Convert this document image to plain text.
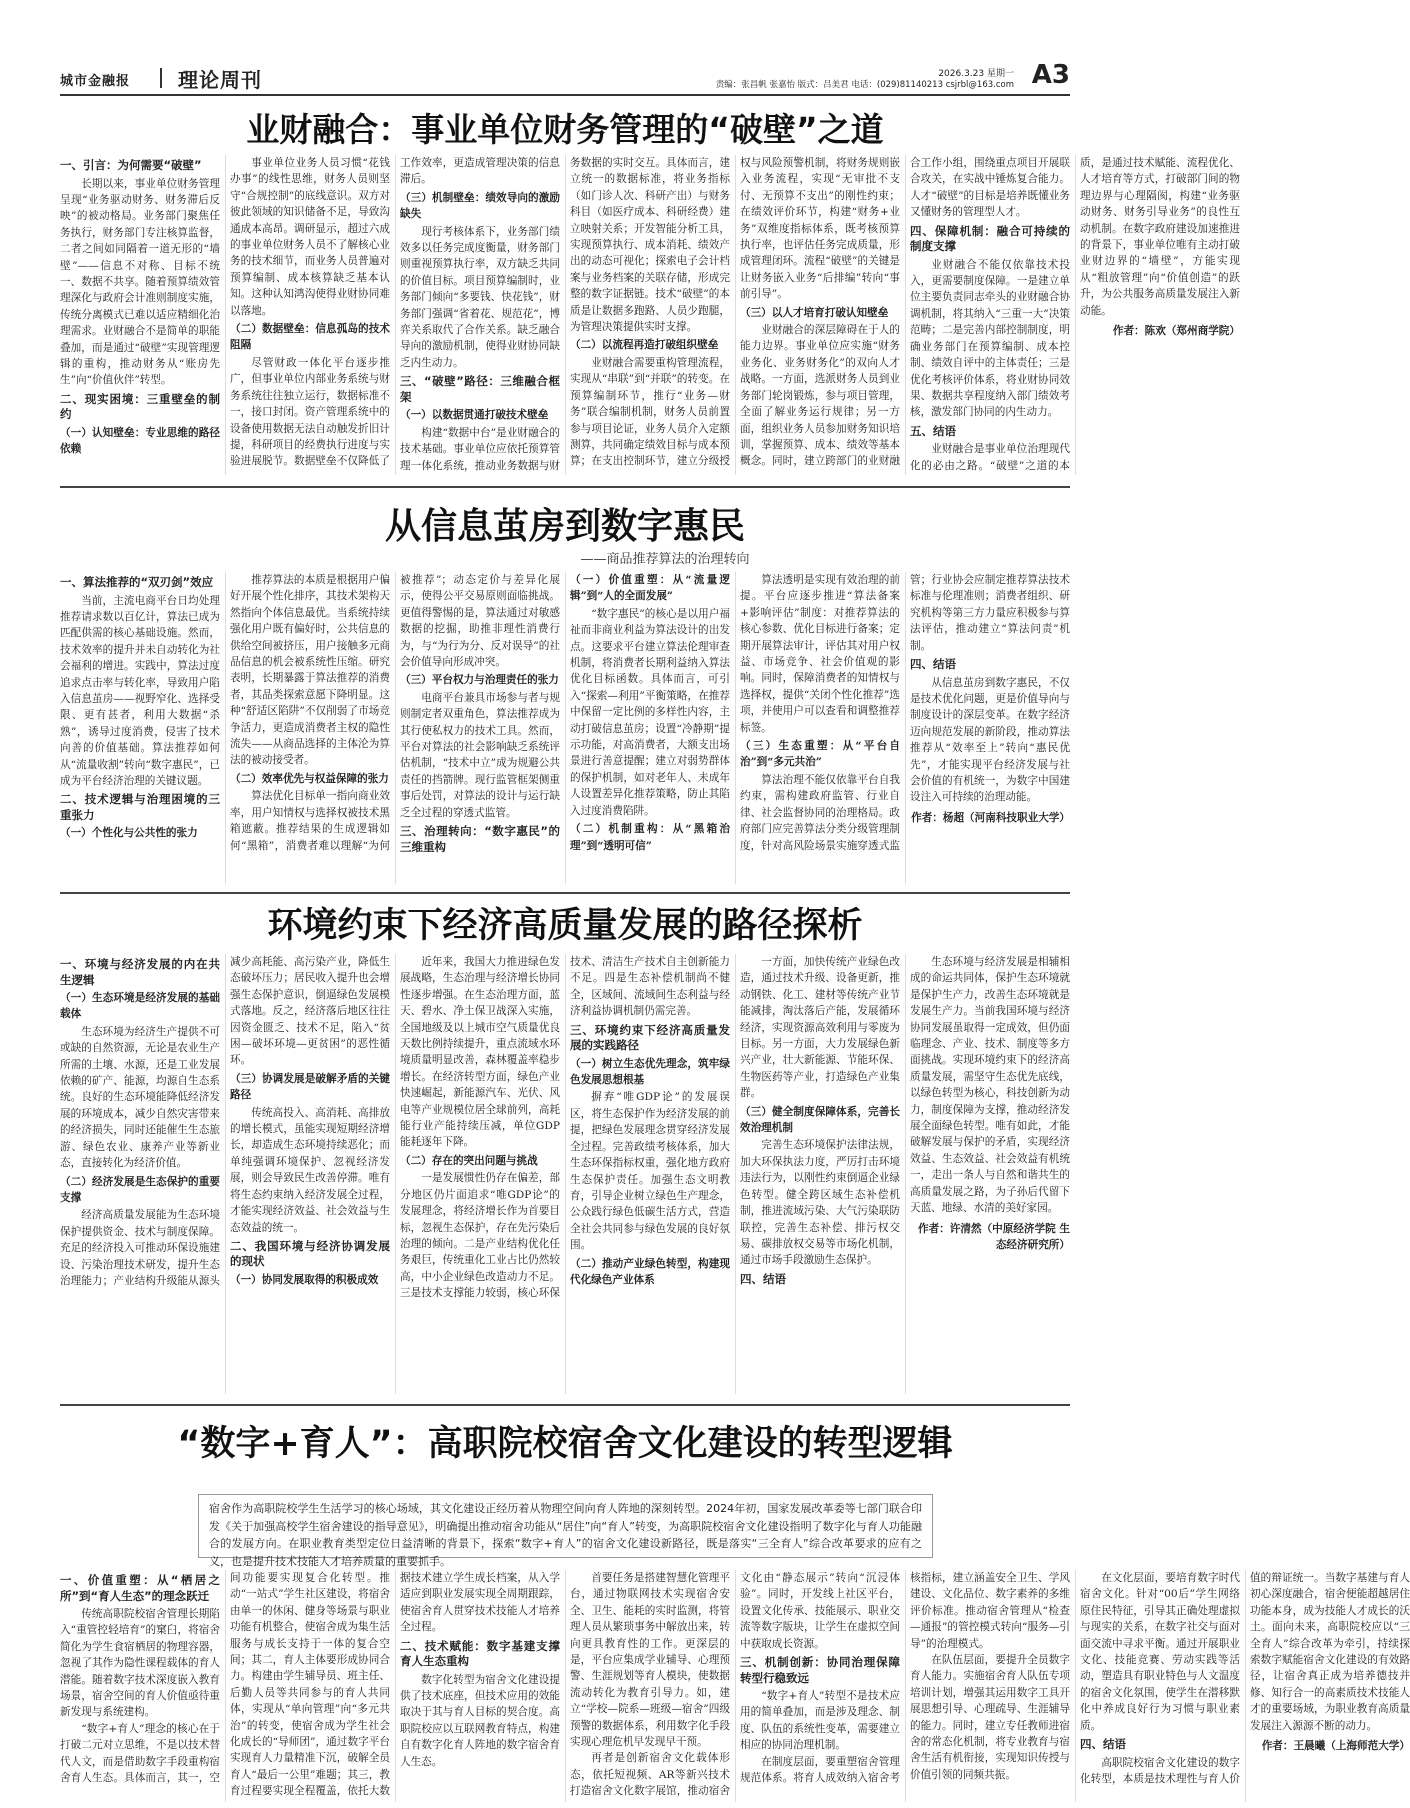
城市金融报 理论周刊	2026.3.23 星期一
责编：张昌帆 张嘉怡 版式：吕美君 电话：(029)81140213 csjrbl@163.com A3
业财融合：事业单位财务管理的“破壁”之道
一、引言：为何需要“破壁”

长期以来，事业单位财务管理呈现“业务驱动财务、财务滞后反映”的被动格局。业务部门聚焦任务执行，财务部门专注核算监督，二者之间如同隔着一道无形的“墙壁”——信息不对称、目标不统一、数据不共享。随着预算绩效管理深化与政府会计准则制度实施，传统分离模式已难以适应精细化治理需求。业财融合不是简单的职能叠加，而是通过“破壁”实现管理逻辑的重构，推动财务从“账房先生”向“价值伙伴”转型。

二、现实困境：三重壁垒的制约
（一）认知壁垒：专业思维的路径依赖

事业单位业务人员习惯“花钱办事”的线性思维，财务人员则坚守“合规控制”的底线意识。双方对彼此领域的知识储备不足，导致沟通成本高昂。调研显示，超过六成的事业单位财务人员不了解核心业务的技术细节，而业务人员普遍对预算编制、成本核算缺乏基本认知。这种认知鸿沟使得业财协同难以落地。

（二）数据壁垒：信息孤岛的技术阻隔

尽管财政一体化平台逐步推广，但事业单位内部业务系统与财务系统往往独立运行，数据标准不一，接口封闭。资产管理系统中的设备使用数据无法自动触发折旧计提，科研项目的经费执行进度与实验进展脱节。数据壁垒不仅降低了工作效率，更造成管理决策的信息滞后。

（三）机制壁垒：绩效导向的激励缺失

现行考核体系下，业务部门绩效多以任务完成度衡量，财务部门则重视预算执行率，双方缺乏共同的价值目标。项目预算编制时，业务部门倾向“多要钱、快花钱”，财务部门强调“省着花、规范花”，博弈关系取代了合作关系。缺乏融合导向的激励机制，使得业财协同缺乏内生动力。

三、“破壁”路径：三维融合框架
（一）以数据贯通打破技术壁垒

构建“数据中台”是业财融合的技术基础。事业单位应依托预算管理一体化系统，推动业务数据与财务数据的实时交互。具体而言，建立统一的数据标准，将业务指标（如门诊人次、科研产出）与财务科目（如医疗成本、科研经费）建立映射关系；开发智能分析工具，实现预算执行、成本消耗、绩效产出的动态可视化；探索电子会计档案与业务档案的关联存储，形成完整的数字证据链。技术“破壁”的本质是让数据多跑路、人员少跑腿，为管理决策提供实时支撑。

（二）以流程再造打破组织壁垒

业财融合需要重构管理流程，实现从“串联”到“并联”的转变。在预算编制环节，推行“业务—财务”联合编制机制，财务人员前置参与项目论证，业务人员介入定额测算，共同确定绩效目标与成本预算；在支出控制环节，建立分级授权与风险预警机制，将财务规则嵌入业务流程，实现“无审批不支付、无预算不支出”的刚性约束；在绩效评价环节，构建“财务+业务”双维度指标体系，既考核预算执行率，也评估任务完成质量，形成管理闭环。流程“破壁”的关键是让财务嵌入业务“后排编”转向“事前引导”。

（三）以人才培育打破认知壁垒

业财融合的深层障碍在于人的能力边界。事业单位应实施“财务业务化、业务财务化”的双向人才战略。一方面，选派财务人员到业务部门轮岗锻炼，参与项目管理，全面了解业务运行规律；另一方面，组织业务人员参加财务知识培训，掌握预算、成本、绩效等基本概念。同时，建立跨部门的业财融合工作小组，围绕重点项目开展联合攻关，在实战中锤炼复合能力。人才“破壁”的目标是培养既懂业务又懂财务的管理型人才。

四、保障机制：融合可持续的制度支撑

业财融合不能仅依靠技术投入，更需要制度保障。一是建立单位主要负责同志牵头的业财融合协调机制，将其纳入“三重一大”决策范畴；二是完善内部控制制度，明确业务部门在预算编制、成本控制、绩效自评中的主体责任；三是优化考核评价体系，将业财协同效果、数据共享程度纳入部门绩效考核，激发部门协同的内生动力。

五、结语

业财融合是事业单位治理现代化的必由之路。“破壁”之道的本质，是通过技术赋能、流程优化、人才培育等方式，打破部门间的物理边界与心理隔阂，构建“业务驱动财务、财务引导业务”的良性互动机制。在数字政府建设加速推进的背景下，事业单位唯有主动打破业财边界的“墙壁”，方能实现从“粗放管理”向“价值创造”的跃升，为公共服务高质量发展注入新动能。

作者：陈欢（郑州商学院）

从信息茧房到数字惠民
——商品推荐算法的治理转向
一、算法推荐的“双刃剑”效应

当前，主流电商平台日均处理推荐请求数以百亿计，算法已成为匹配供需的核心基础设施。然而，技术效率的提升并未自动转化为社会福利的增进。实践中，算法过度追求点击率与转化率，导致用户陷入信息茧房——视野窄化、选择受限、更有甚者，利用大数据“杀熟”，诱导过度消费，侵害了技术向善的价值基础。算法推荐如何从“流量收割”转向“数字惠民”，已成为平台经济治理的关键议题。

二、技术逻辑与治理困境的三重张力
（一）个性化与公共性的张力

推荐算法的本质是根据用户偏好开展个性化排序，其技术架构天然指向个体信息最优。当系统持续强化用户既有偏好时，公共信息的供给空间被挤压，用户接触多元商品信息的机会被系统性压缩。研究表明，长期暴露于算法推荐的消费者，其品类探索意愿下降明显。这种“舒适区陷阱”不仅削弱了市场竞争活力，更造成消费者主权的隐性流失——从商品选择的主体沦为算法的被动接受者。

（二）效率优先与权益保障的张力

算法优化目标单一指向商业效率，用户知情权与选择权被技术黑箱遮蔽。推荐结果的生成逻辑如何“黑箱”，消费者难以理解“为何被推荐”；动态定价与差异化展示，使得公平交易原则面临挑战。更值得警惕的是，算法通过对敏感数据的挖掘，助推非理性消费行为，与“为行为分、反对误导”的社会价值导向形成冲突。

（三）平台权力与治理责任的张力

电商平台兼具市场参与者与规则制定者双重角色，算法推荐成为其行使私权力的技术工具。然而，平台对算法的社会影响缺乏系统评估机制，“技术中立”成为规避公共责任的挡箭牌。现行监管框架侧重事后处罚，对算法的设计与运行缺乏全过程的穿透式监管。

三、治理转向：“数字惠民”的三维重构
（一）价值重塑：从“流量逻辑”到“人的全面发展”

“数字惠民”的核心是以用户福祉而非商业利益为算法设计的出发点。这要求平台建立算法伦理审查机制，将消费者长期利益纳入算法优化目标函数。具体而言，可引入“探索—利用”平衡策略，在推荐中保留一定比例的多样性内容，主动打破信息茧房；设置“冷静期”提示功能，对高消费者，大额支出场景进行善意提醒；建立对弱势群体的保护机制，如对老年人、未成年人设置差异化推荐策略，防止其陷入过度消费陷阱。

（二）机制重构：从“黑箱治理”到“透明可信”

算法透明是实现有效治理的前提。平台应逐步推进“算法备案+影响评估”制度：对推荐算法的核心参数、优化目标进行备案；定期开展算法审计，评估其对用户权益、市场竞争、社会价值观的影响。同时，保障消费者的知情权与选择权，提供“关闭个性化推荐”选项，并使用户可以查看和调整推荐标签。

（三）生态重塑：从“平台自治”到“多元共治”

算法治理不能仅依靠平台自我约束，需构建政府监管、行业自律、社会监督协同的治理格局。政府部门应完善算法分类分级管理制度，针对高风险场景实施穿透式监管；行业协会应制定推荐算法技术标准与伦理准则；消费者组织、研究机构等第三方力量应积极参与算法评估，推动建立“算法问责”机制。

四、结语

从信息茧房到数字惠民，不仅是技术优化问题，更是价值导向与制度设计的深层变革。在数字经济迈向规范发展的新阶段，推动算法推荐从“效率至上”转向“惠民优先”，才能实现平台经济发展与社会价值的有机统一，为数字中国建设注入可持续的治理动能。

作者：杨超（河南科技职业大学）

环境约束下经济高质量发展的路径探析
一、环境与经济发展的内在共生逻辑
（一）生态环境是经济发展的基础载体

生态环境为经济生产提供不可或缺的自然资源，无论是农业生产所需的土壤、水源，还是工业发展依赖的矿产、能源，均源自生态系统。良好的生态环境能降低经济发展的环境成本，减少自然灾害带来的经济损失，同时还能催生生态旅游、绿色农业、康养产业等新业态，直接转化为经济价值。

（二）经济发展是生态保护的重要支撑

经济高质量发展能为生态环境保护提供资金、技术与制度保障。充足的经济投入可推动环保设施建设、污染治理技术研发，提升生态治理能力；产业结构升级能从源头减少高耗能、高污染产业，降低生态破坏压力；居民收入提升也会增强生态保护意识，倒逼绿色发展模式落地。反之，经济落后地区往往因资金匮乏、技术不足，陷入“贫困—破坏环境—更贫困”的恶性循环。

（三）协调发展是破解矛盾的关键路径

传统高投入、高消耗、高排放的增长模式，虽能实现短期经济增长，却造成生态环境持续恶化；而单纯强调环境保护、忽视经济发展，则会导致民生改善停滞。唯有将生态约束纳入经济发展全过程，才能实现经济效益、社会效益与生态效益的统一。

二、我国环境与经济协调发展的现状
（一）协同发展取得的积极成效

近年来，我国大力推进绿色发展战略，生态治理与经济增长协同性逐步增强。在生态治理方面，蓝天、碧水、净土保卫战深入实施，全国地级及以上城市空气质量优良天数比例持续提升，重点流域水环境质量明显改善，森林覆盖率稳步增长。在经济转型方面，绿色产业快速崛起，新能源汽车、光伏、风电等产业规模位居全球前列，高耗能行业产能持续压减，单位GDP能耗逐年下降。

（二）存在的突出问题与挑战

一是发展惯性仍存在偏差，部分地区仍片面追求“唯GDP论”的发展理念，将经济增长作为首要目标，忽视生态保护，存在先污染后治理的倾向。二是产业结构优化任务艰巨，传统重化工业占比仍然较高，中小企业绿色改造动力不足。三是技术支撑能力较弱，核心环保技术、清洁生产技术自主创新能力不足。四是生态补偿机制尚不健全，区域间、流域间生态利益与经济利益协调机制仍需完善。

三、环境约束下经济高质量发展的实践路径
（一）树立生态优先理念，筑牢绿色发展思想根基

摒弃“唯GDP论”的发展误区，将生态保护作为经济发展的前提，把绿色发展理念贯穿经济发展全过程。完善政绩考核体系，加大生态环保指标权重，强化地方政府生态保护责任。加强生态文明教育，引导企业树立绿色生产理念，公众践行绿色低碳生活方式，营造全社会共同参与绿色发展的良好氛围。

（二）推动产业绿色转型，构建现代化绿色产业体系

一方面，加快传统产业绿色改造，通过技术升级、设备更新，推动钢铁、化工、建材等传统产业节能减排，淘汰落后产能，发展循环经济，实现资源高效利用与零废为目标。另一方面，大力发展绿色新兴产业，壮大新能源、节能环保、生物医药等产业，打造绿色产业集群。

（三）健全制度保障体系，完善长效治理机制

完善生态环境保护法律法规，加大环保执法力度，严厉打击环境违法行为，以刚性约束倒逼企业绿色转型。健全跨区域生态补偿机制，推进流域污染、大气污染联防联控，完善生态补偿、排污权交易、碳排放权交易等市场化机制，通过市场手段激励生态保护。

四、结语

生态环境与经济发展是相辅相成的命运共同体，保护生态环境就是保护生产力，改善生态环境就是发展生产力。当前我国环境与经济协同发展虽取得一定成效，但仍面临理念、产业、技术、制度等多方面挑战。实现环境约束下的经济高质量发展，需坚守生态优先底线，以绿色转型为核心，科技创新为动力，制度保障为支撑，推动经济发展全面绿色转型。唯有如此，才能破解发展与保护的矛盾，实现经济效益、生态效益、社会效益有机统一，走出一条人与自然和谐共生的高质量发展之路，为子孙后代留下天蓝、地绿、水清的美好家园。

作者：许清然（中原经济学院 生态经济研究所）

“数字+育人”：高职院校宿舍文化建设的转型逻辑
宿舍作为高职院校学生生活学习的核心场域，其文化建设正经历着从物理空间向育人阵地的深刻转型。2024年初，国家发展改革委等七部门联合印发《关于加强高校学生宿舍建设的指导意见》，明确提出推动宿舍功能从“居住”向“育人”转变，为高职院校宿舍文化建设指明了数字化与育人功能融合的发展方向。在职业教育类型定位日益清晰的背景下，探索“数字+育人”的宿舍文化建设新路径，既是落实“三全育人”综合改革要求的应有之义，也是提升技术技能人才培养质量的重要抓手。
一、价值重塑：从“栖居之所”到“育人生态”的理念跃迁

传统高职院校宿舍管理长期陷入“重管控轻培育”的窠臼，将宿舍简化为学生食宿栖居的物理容器，忽视了其作为隐性课程载体的育人潜能。随着数字技术深度嵌入教育场景，宿舍空间的育人价值亟待重新发现与系统建构。

“数字+育人”理念的核心在于打破二元对立思维，不是以技术替代人文，而是借助数字手段重构宿舍育人生态。具体而言，其一，空间功能要实现复合化转型。推动“一站式”学生社区建设，将宿舍由单一的休闲、健身等场景与职业功能有机整合，使宿舍成为集生活服务与成长支持于一体的复合空间；其二，育人主体要形成协同合力。构建由学生辅导员、班主任、后勤人员等共同参与的育人共同体，实现从“单向管理”向“多元共治”的转变，使宿舍成为学生社会化成长的“导师团”，通过数字平台实现育人力量精准下沉，破解全员育人“最后一公里”难题；其三，教育过程要实现全程覆盖，依托大数据技术建立学生成长档案，从入学适应到职业发展实现全周期跟踪，使宿舍育人贯穿技术技能人才培养全过程。

二、技术赋能：数字基建支撑育人生态重构

数字化转型为宿舍文化建设提供了技术底座，但技术应用的效能取决于其与育人目标的契合度。高职院校应以互联网教育特点，构建自有数字化育人阵地的数字宿舍育人生态。

首要任务是搭建智慧化管理平台，通过物联网技术实现宿舍安全、卫生、能耗的实时监测，将管理人员从繁琐事务中解放出来，转向更具教育性的工作。更深层的是，平台应集成学业辅导、心理预警、生涯规划等育人模块，使数据流动转化为教育引导力。如，建立“学校—院系—班级—宿舍”四级预警的数据体系，利用数字化手段实现心理危机早发现早干预。

再者是创新宿舍文化载体形态，依托短视频、AR等新兴技术打造宿舍文化数字展馆，推动宿舍文化由“静态展示”转向“沉浸体验”。同时，开发线上社区平台，设置文化传承、技能展示、职业交流等数字版块，让学生在虚拟空间中获取成长资源。

三、机制创新：协同治理保障转型行稳致远

“数字+育人”转型不是技术应用的简单叠加，而是涉及理念、制度、队伍的系统性变革，需要建立相应的协同治理机制。

在制度层面，要重塑宿舍管理规范体系。将育人成效纳入宿舍考核指标，建立涵盖安全卫生、学风建设、文化品位、数字素养的多维评价标准。推动宿舍管理从“检查—通报”的管控模式转向“服务—引导”的治理模式。

在队伍层面，要提升全员数字育人能力。实施宿舍育人队伍专项培训计划，增强其运用数字工具开展思想引导、心理疏导、生涯辅导的能力。同时，建立专任教师进宿舍的常态化机制，将专业教育与宿舍生活有机衔接，实现知识传授与价值引领的同频共振。

在文化层面，要培育数字时代宿舍文化。针对“00后”学生网络原住民特征，引导其正确处理虚拟与现实的关系，在数字社交与面对面交流中寻求平衡。通过开展职业文化、技能竞赛、劳动实践等活动，塑造具有职业特色与人文温度的宿舍文化氛围，使学生在潜移默化中养成良好行为习惯与职业素质。

四、结语

高职院校宿舍文化建设的数字化转型，本质是技术理性与育人价值的辩证统一。当数字基建与育人初心深度融合，宿舍便能超越居住功能本身，成为技能人才成长的沃土。面向未来，高职院校应以“三全育人”综合改革为牵引，持续探索数字赋能宿舍文化建设的有效路径，让宿舍真正成为培养德技并修、知行合一的高素质技术技能人才的重要场域，为职业教育高质量发展注入源源不断的动力。

作者：王晨曦（上海师范大学）
